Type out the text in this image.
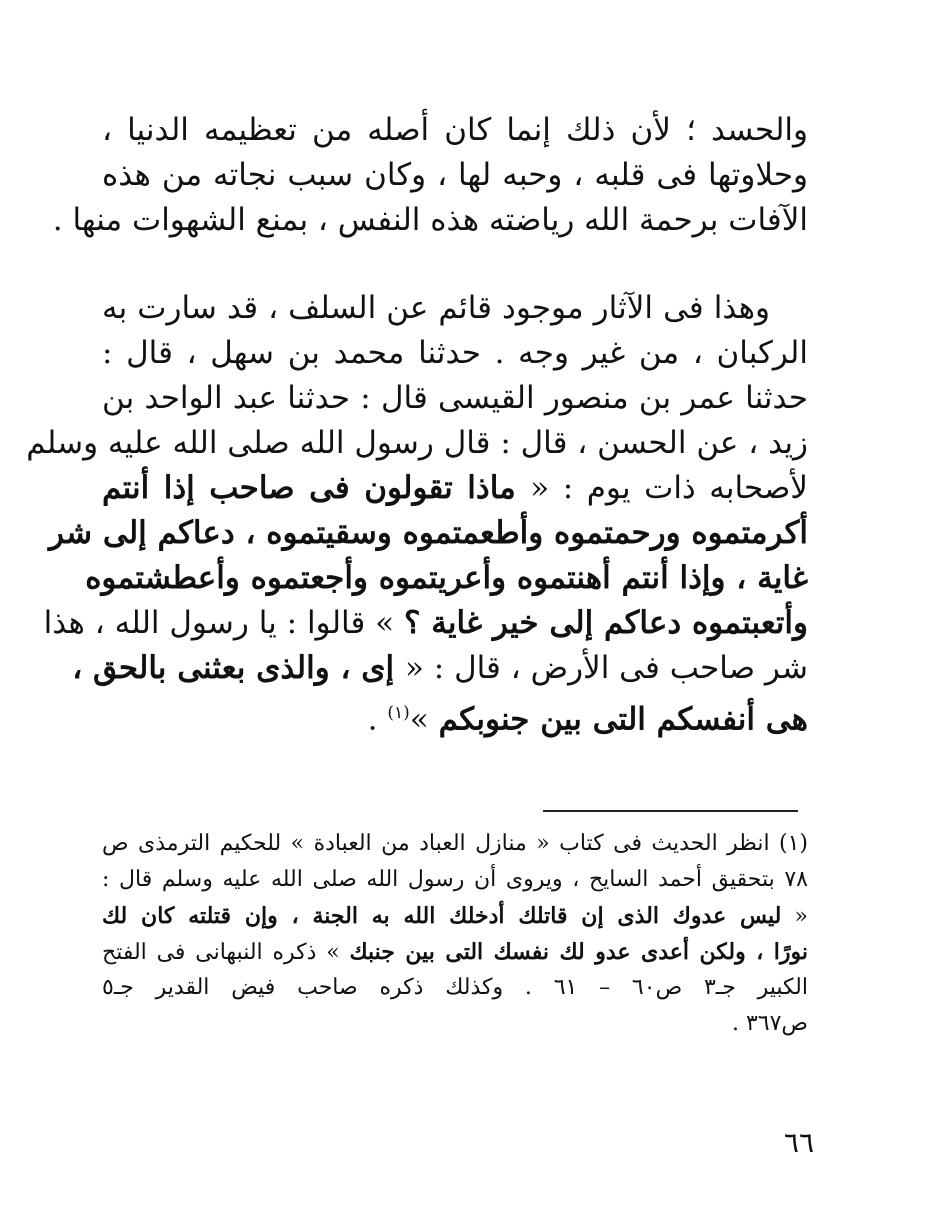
والحسد ؛ لأن ذلك إنما كان أصله من تعظيمه الدنيا ،
وحلاوتها فى قلبه ، وحبه لها ، وكان سبب نجاته من هذه
الآفات برحمة الله رياضته هذه النفس ، بمنع الشهوات منها .
وهذا فى الآثار موجود قائم عن السلف ، قد سارت به
الركبان ، من غير وجه . حدثنا محمد بن سهل ، قال :
حدثنا عمر بن منصور القيسى قال : حدثنا عبد الواحد بن
زيد ، عن الحسن ، قال : قال رسول الله صلى الله عليه وسلم
لأصحابه ذات يوم : « ماذا تقولون فى صاحب إذا أنتم
أكرمتموه ورحمتموه وأطعمتموه وسقيتموه ، دعاكم إلى شر
غاية ، وإذا أنتم أهنتموه وأعريتموه وأجعتموه وأعطشتموه
وأتعبتموه دعاكم إلى خير غاية ؟ » قالوا : يا رسول الله ، هذا
شر صاحب فى الأرض ، قال : « إى ، والذى بعثنى بالحق ،
هى أنفسكم التى بين جنوبكم »$^{(١)}$ .
(١) انظر الحديث فى كتاب « منازل العباد من العبادة » للحكيم الترمذى ص
٧٨ بتحقيق أحمد السايح ، ويروى أن رسول الله صلى الله عليه وسلم قال :
« ليس عدوك الذى إن قاتلك أدخلك الله به الجنة ، وإن قتلته كان لك
نورًا ، ولكن أعدى عدو لك نفسك التى بين جنبك » ذكره النبهانى فى الفتح
الكبير جـ٣ ص٦٠ – ٦١ . وكذلك ذكره صاحب فيض القدير جـ٥
ص٣٦٧ .
٦٦
